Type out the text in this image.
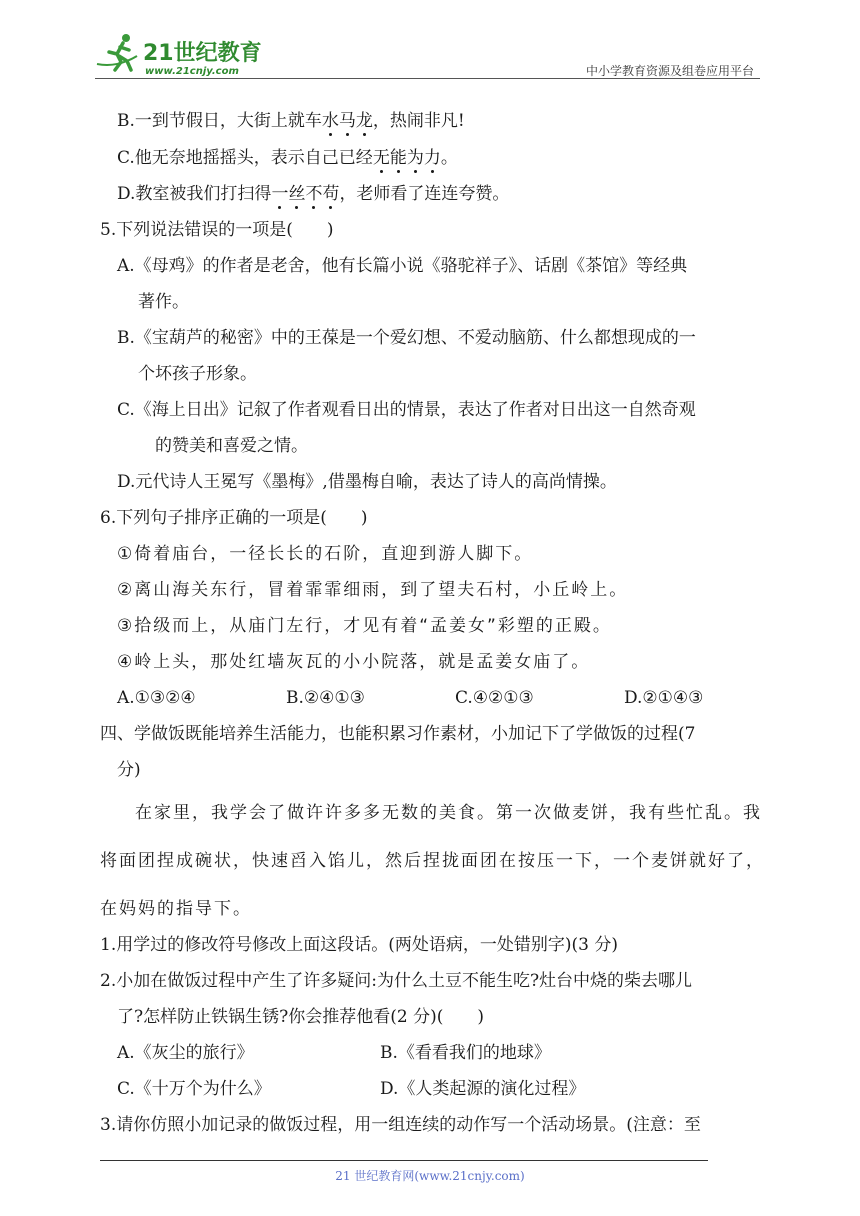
21世纪教育
www.21cnjy.com	中小学教育资源及组卷应用平台
B.一到节假日，大街上就车水马龙，热闹非凡!
C.他无奈地摇摇头，表示自己已经无能为力。
D.教室被我们打扫得一丝不苟，老师看了连连夸赞。
5.下列说法错误的一项是(　　)
A.《母鸡》的作者是老舍，他有长篇小说《骆驼祥子》、话剧《茶馆》等经典
著作。
B.《宝葫芦的秘密》中的王葆是一个爱幻想、不爱动脑筋、什么都想现成的一
个坏孩子形象。
C.《海上日出》记叙了作者观看日出的情景，表达了作者对日出这一自然奇观
的赞美和喜爱之情。
D.元代诗人王冕写《墨梅》,借墨梅自喻，表达了诗人的高尚情操。
6.下列句子排序正确的一项是(　　)
①倚着庙台，一径长长的石阶，直迎到游人脚下。
②离山海关东行，冒着霏霏细雨，到了望夫石村，小丘岭上。
③拾级而上，从庙门左行，才见有着“孟姜女”彩塑的正殿。
④岭上头，那处红墙灰瓦的小小院落，就是孟姜女庙了。
A.①③②④	B.②④①③	C.④②①③	D.②①④③
四、学做饭既能培养生活能力，也能积累习作素材，小加记下了学做饭的过程(7
分)
在家里，我学会了做许许多多无数的美食。第一次做麦饼，我有些忙乱。我
将面团捏成碗状，快速舀入馅儿，然后捏拢面团在按压一下，一个麦饼就好了，
在妈妈的指导下。
1.用学过的修改符号修改上面这段话。(两处语病，一处错别字)(3 分)
2.小加在做饭过程中产生了许多疑问:为什么土豆不能生吃?灶台中烧的柴去哪儿
了?怎样防止铁锅生锈?你会推荐他看(2 分)(　　)
A.《灰尘的旅行》	B.《看看我们的地球》
C.《十万个为什么》	D.《人类起源的演化过程》
3.请你仿照小加记录的做饭过程，用一组连续的动作写一个活动场景。(注意：至
21 世纪教育网(www.21cnjy.com)
